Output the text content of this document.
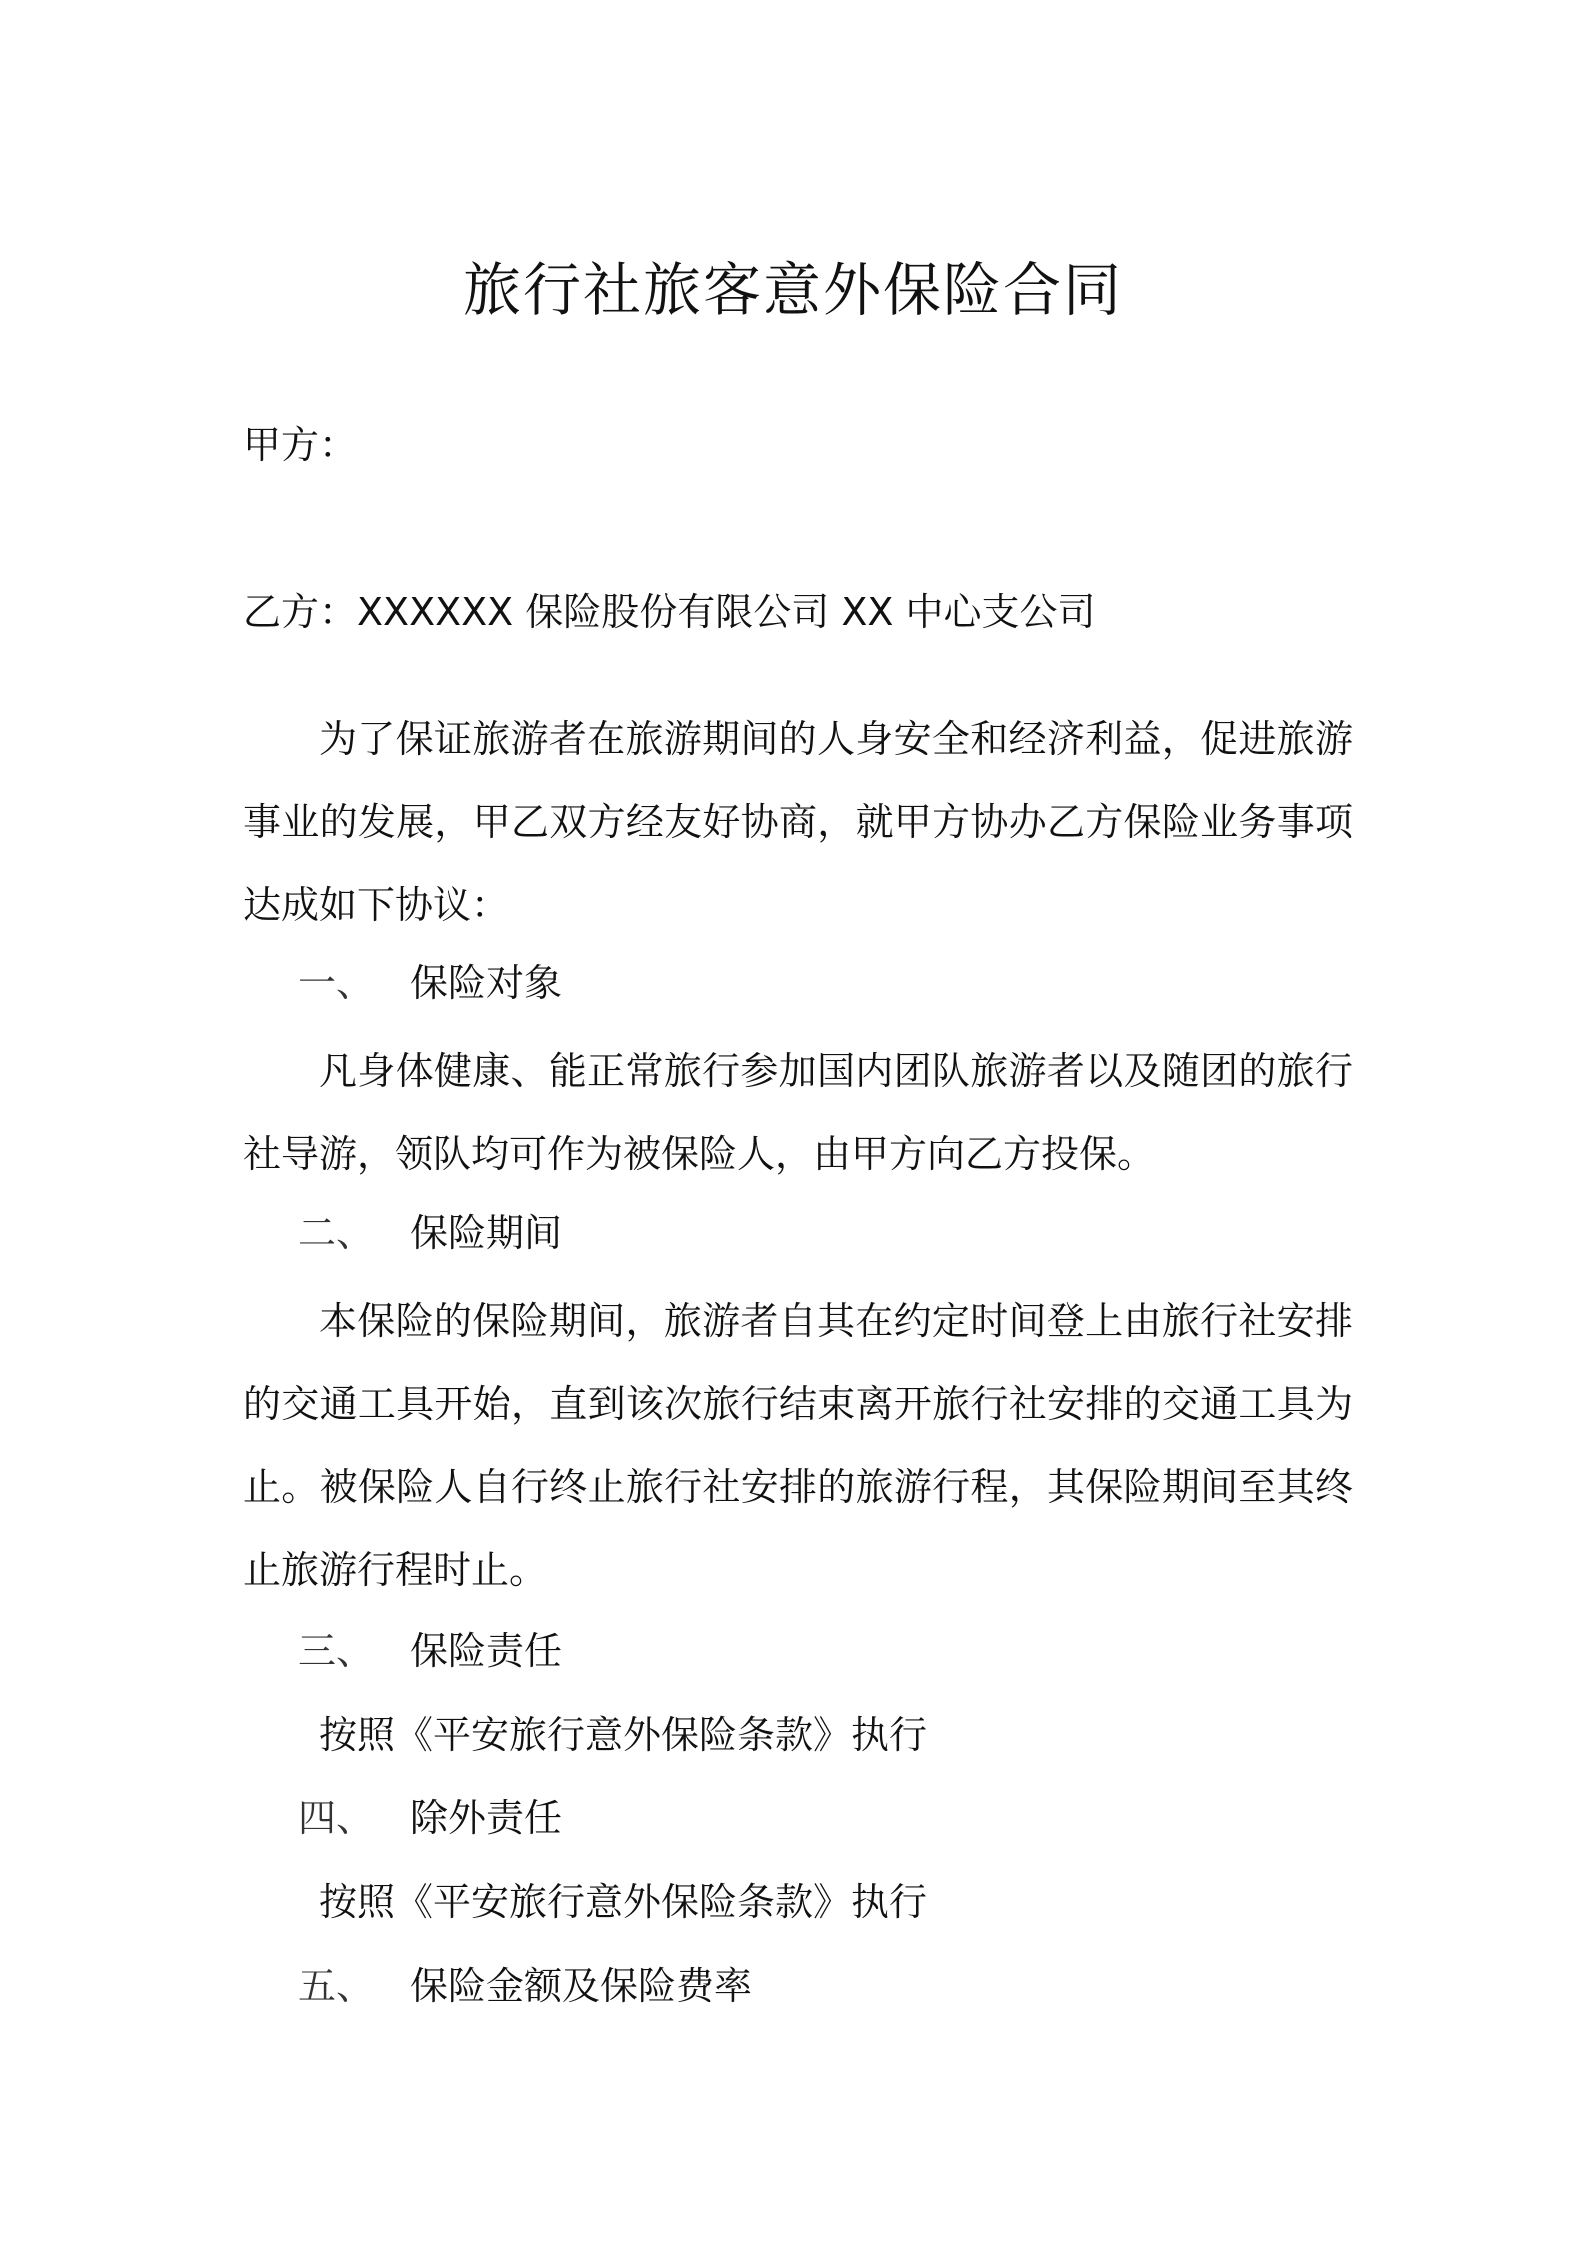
旅行社旅客意外保险合同
甲方：
乙方：XXXXXX 保险股份有限公司 XX 中心支公司
为了保证旅游者在旅游期间的人身安全和经济利益，促进旅游事业的发展，甲乙双方经友好协商，就甲方协办乙方保险业务事项达成如下协议：
一、 保险对象
凡身体健康、能正常旅行参加国内团队旅游者以及随团的旅行社导游，领队均可作为被保险人，由甲方向乙方投保。
二、 保险期间
本保险的保险期间，旅游者自其在约定时间登上由旅行社安排的交通工具开始，直到该次旅行结束离开旅行社安排的交通工具为止。被保险人自行终止旅行社安排的旅游行程，其保险期间至其终止旅游行程时止。
三、 保险责任
按照《平安旅行意外保险条款》执行
四、 除外责任
按照《平安旅行意外保险条款》执行
五、 保险金额及保险费率
